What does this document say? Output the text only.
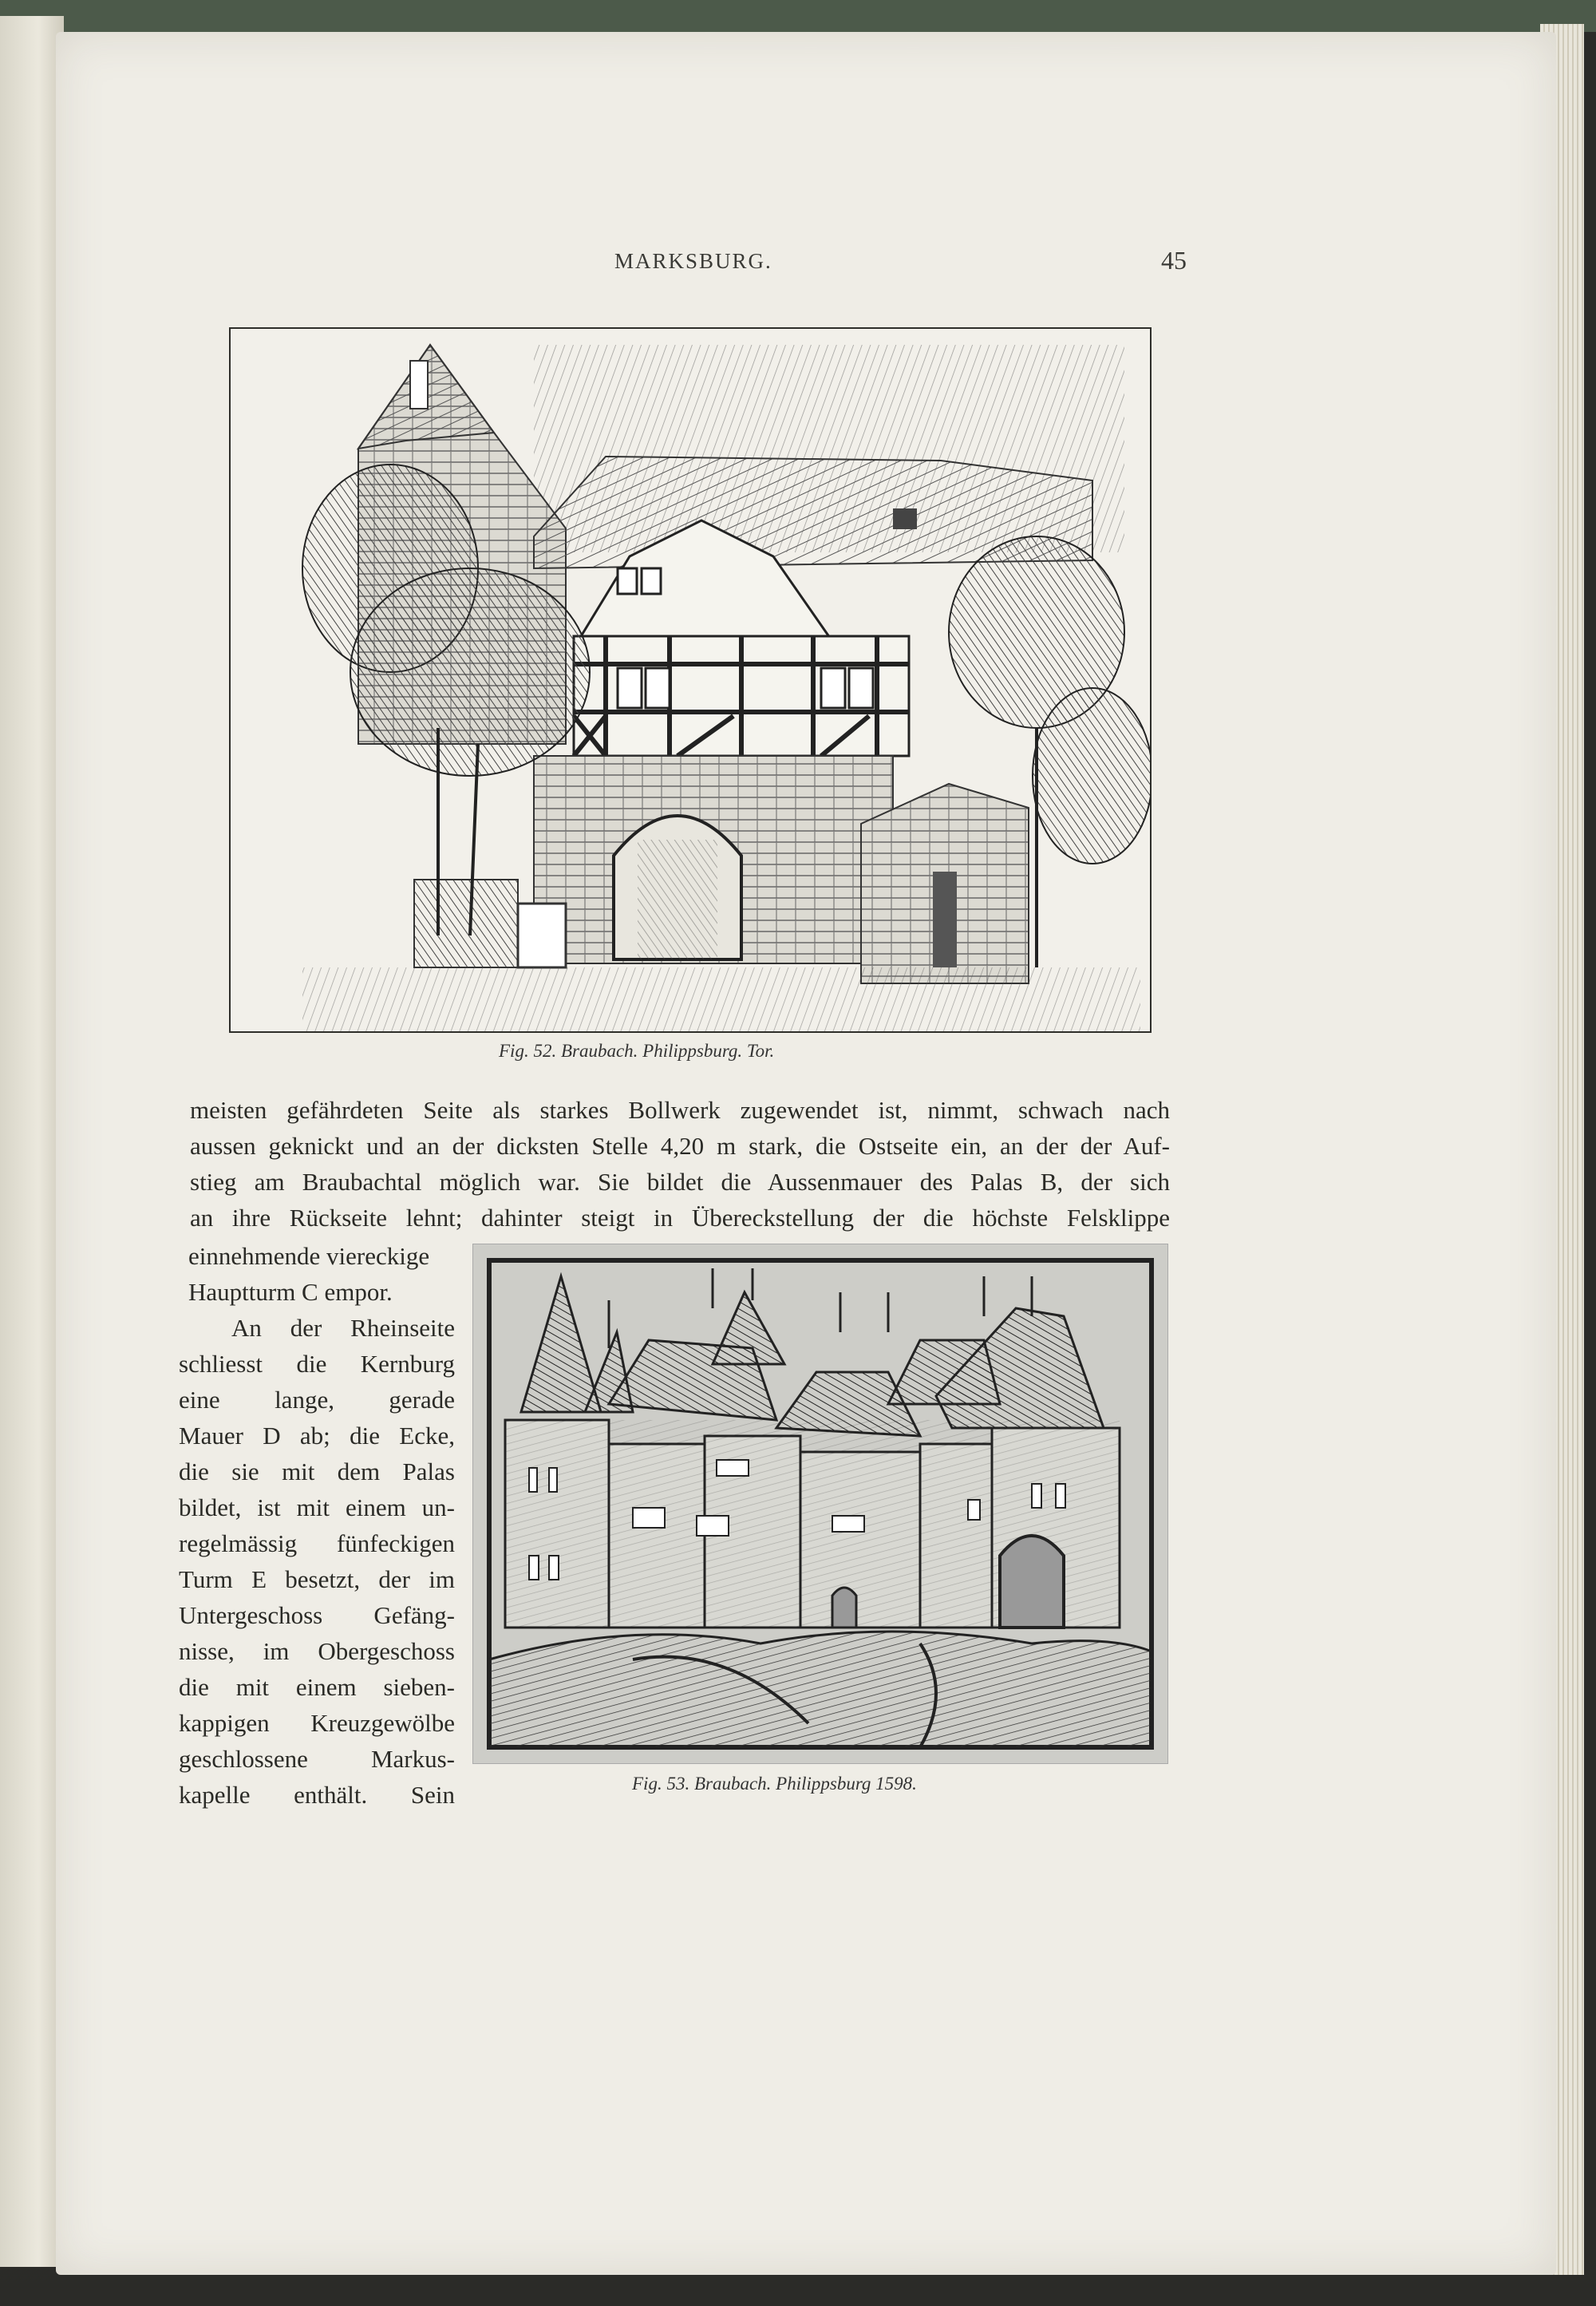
MARKSBURG.	45
Fig. 52. Braubach. Philippsburg. Tor.
meisten gefährdeten Seite als starkes Bollwerk zugewendet ist, nimmt, schwach nach
aussen geknickt und an der dicksten Stelle 4,20 m stark, die Ostseite ein, an der der Auf-
stieg am Braubachtal möglich war. Sie bildet die Aussenmauer des Palas B, der sich
an ihre Rückseite lehnt; dahinter steigt in Übereckstellung der die höchste Felsklippe
einnehmende viereckige
Hauptturm C empor.
An der Rheinseite
schliesst die Kernburg
eine lange, gerade
Mauer D ab; die Ecke,
die sie mit dem Palas
bildet, ist mit einem un-
regelmässig fünfeckigen
Turm E besetzt, der im
Untergeschoss Gefäng-
nisse, im Obergeschoss
die mit einem sieben-
kappigen Kreuzgewölbe
geschlossene Markus-
kapelle enthält. Sein	Fig. 53. Braubach. Philippsburg 1598.
